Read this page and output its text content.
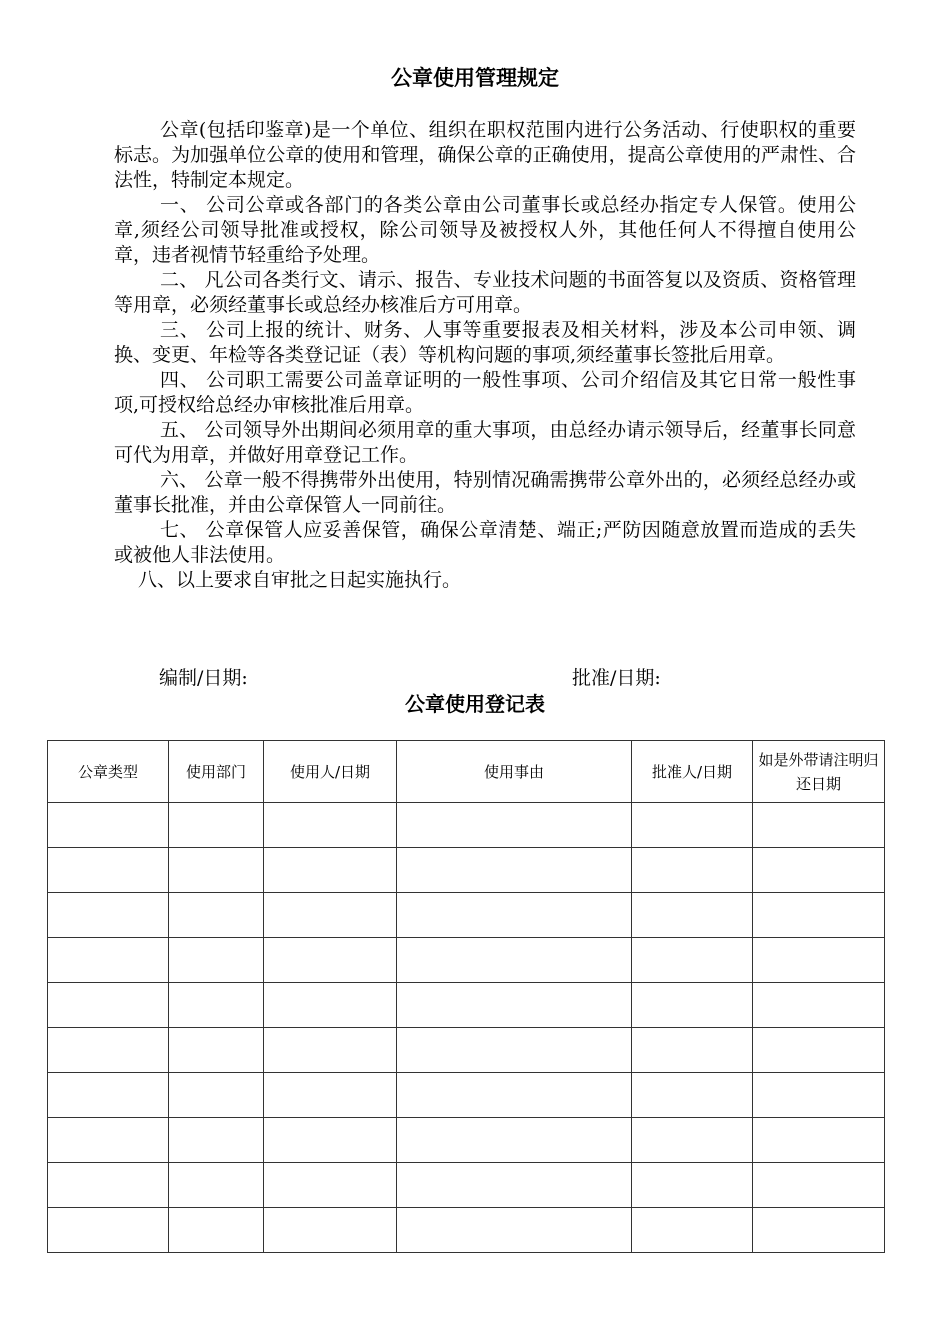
公章使用管理规定

公章(包括印鉴章)是一个单位、组织在职权范围内进行公务活动、行使职权的重要标志。为加强单位公章的使用和管理，确保公章的正确使用，提高公章使用的严肃性、合法性，特制定本规定。

一、 公司公章或各部门的各类公章由公司董事长或总经办指定专人保管。使用公章,须经公司领导批准或授权，除公司领导及被授权人外，其他任何人不得擅自使用公章，违者视情节轻重给予处理。

二、 凡公司各类行文、请示、报告、专业技术问题的书面答复以及资质、资格管理等用章，必须经董事长或总经办核准后方可用章。

三、 公司上报的统计、财务、人事等重要报表及相关材料，涉及本公司申领、调换、变更、年检等各类登记证（表）等机构问题的事项,须经董事长签批后用章。

四、 公司职工需要公司盖章证明的一般性事项、公司介绍信及其它日常一般性事项,可授权给总经办审核批准后用章。

五、 公司领导外出期间必须用章的重大事项，由总经办请示领导后，经董事长同意可代为用章，并做好用章登记工作。

六、 公章一般不得携带外出使用，特别情况确需携带公章外出的，必须经总经办或董事长批准，并由公章保管人一同前往。

七、 公章保管人应妥善保管，确保公章清楚、端正;严防因随意放置而造成的丢失或被他人非法使用。

八、以上要求自审批之日起实施执行。

编制/日期:	批准/日期:
公章使用登记表
公章类型	使用部门	使用人/日期	使用事由	批准人/日期	如是外带请注明归还日期
